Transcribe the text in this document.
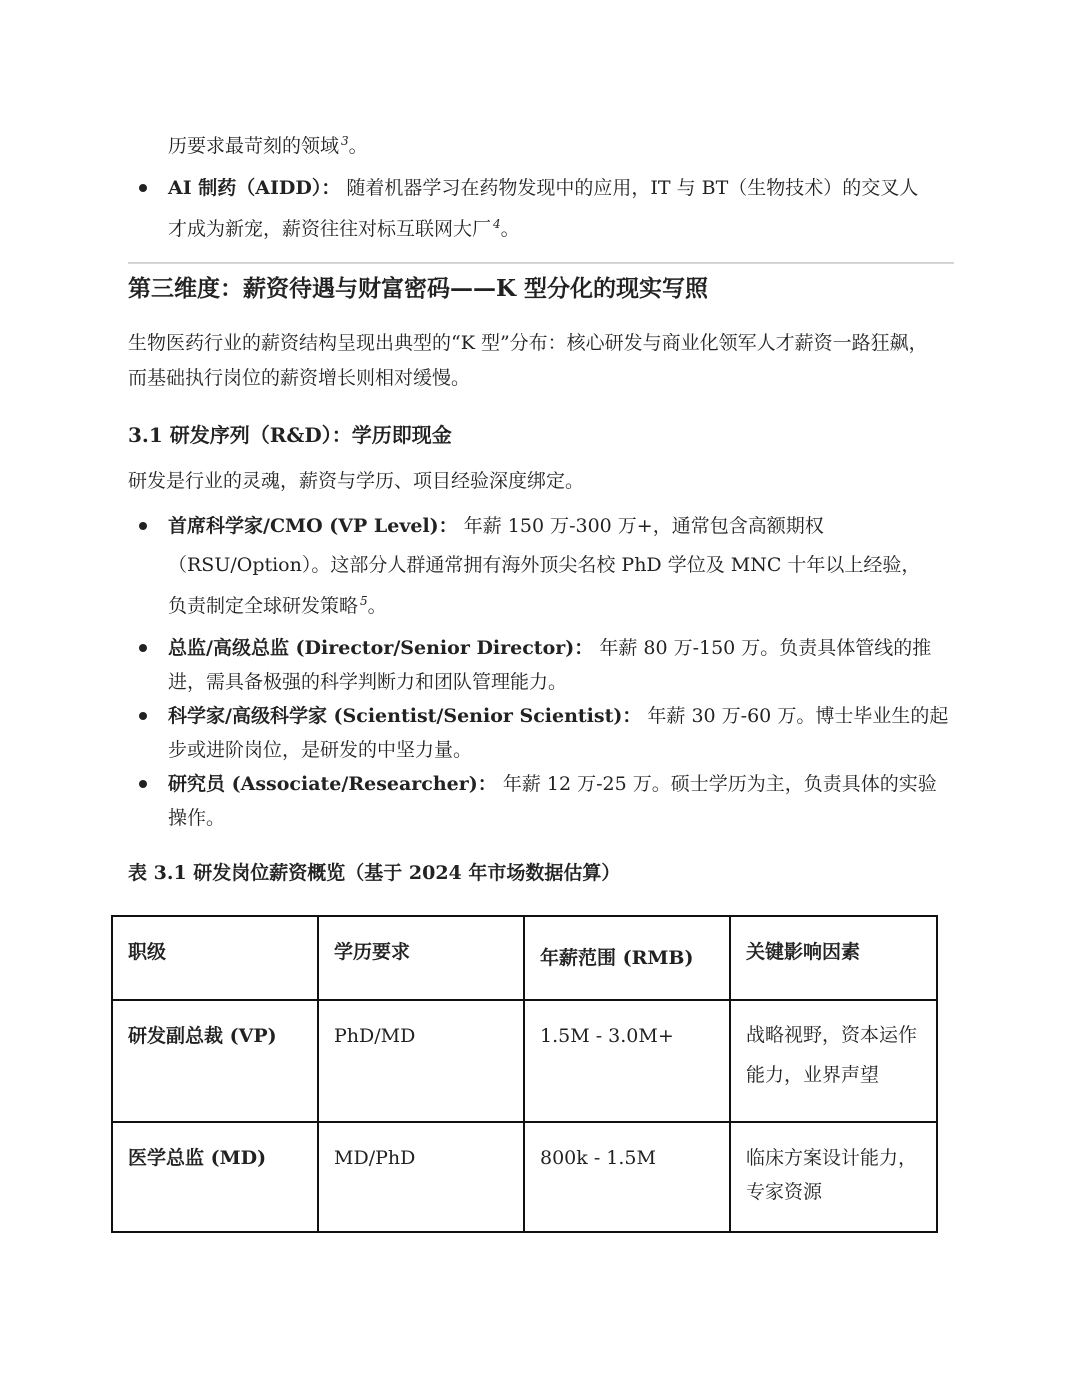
历要求最苛刻的领域 $^3$。
AI 制药（AIDD）： 随着机器学习在药物发现中的应用，IT 与 BT（生物技术）的交叉人
才成为新宠，薪资往往对标互联网大厂 $^4$。
第三维度：薪资待遇与财富密码——K 型分化的现实写照
生物医药行业的薪资结构呈现出典型的“K 型”分布：核心研发与商业化领军人才薪资一路狂飙，
而基础执行岗位的薪资增长则相对缓慢。
3.1 研发序列（R&D）：学历即现金
研发是行业的灵魂，薪资与学历、项目经验深度绑定。
首席科学家/CMO (VP Level)： 年薪 150 万-300 万+，通常包含高额期权
（RSU/Option）。这部分人群通常拥有海外顶尖名校 PhD 学位及 MNC 十年以上经验，
负责制定全球研发策略 $^5$。
总监/高级总监 (Director/Senior Director)： 年薪 80 万-150 万。负责具体管线的推
进，需具备极强的科学判断力和团队管理能力。
科学家/高级科学家 (Scientist/Senior Scientist)： 年薪 30 万-60 万。博士毕业生的起
步或进阶岗位，是研发的中坚力量。
研究员 (Associate/Researcher)： 年薪 12 万-25 万。硕士学历为主，负责具体的实验
操作。
表 3.1 研发岗位薪资概览（基于 2024 年市场数据估算）
职级	学历要求	年薪范围 (RMB)	关键影响因素
研发副总裁 (VP)	PhD/MD	1.5M - 3.0M+	战略视野，资本运作能力，业界声望
医学总监 (MD)	MD/PhD	800k - 1.5M	临床方案设计能力，专家资源
